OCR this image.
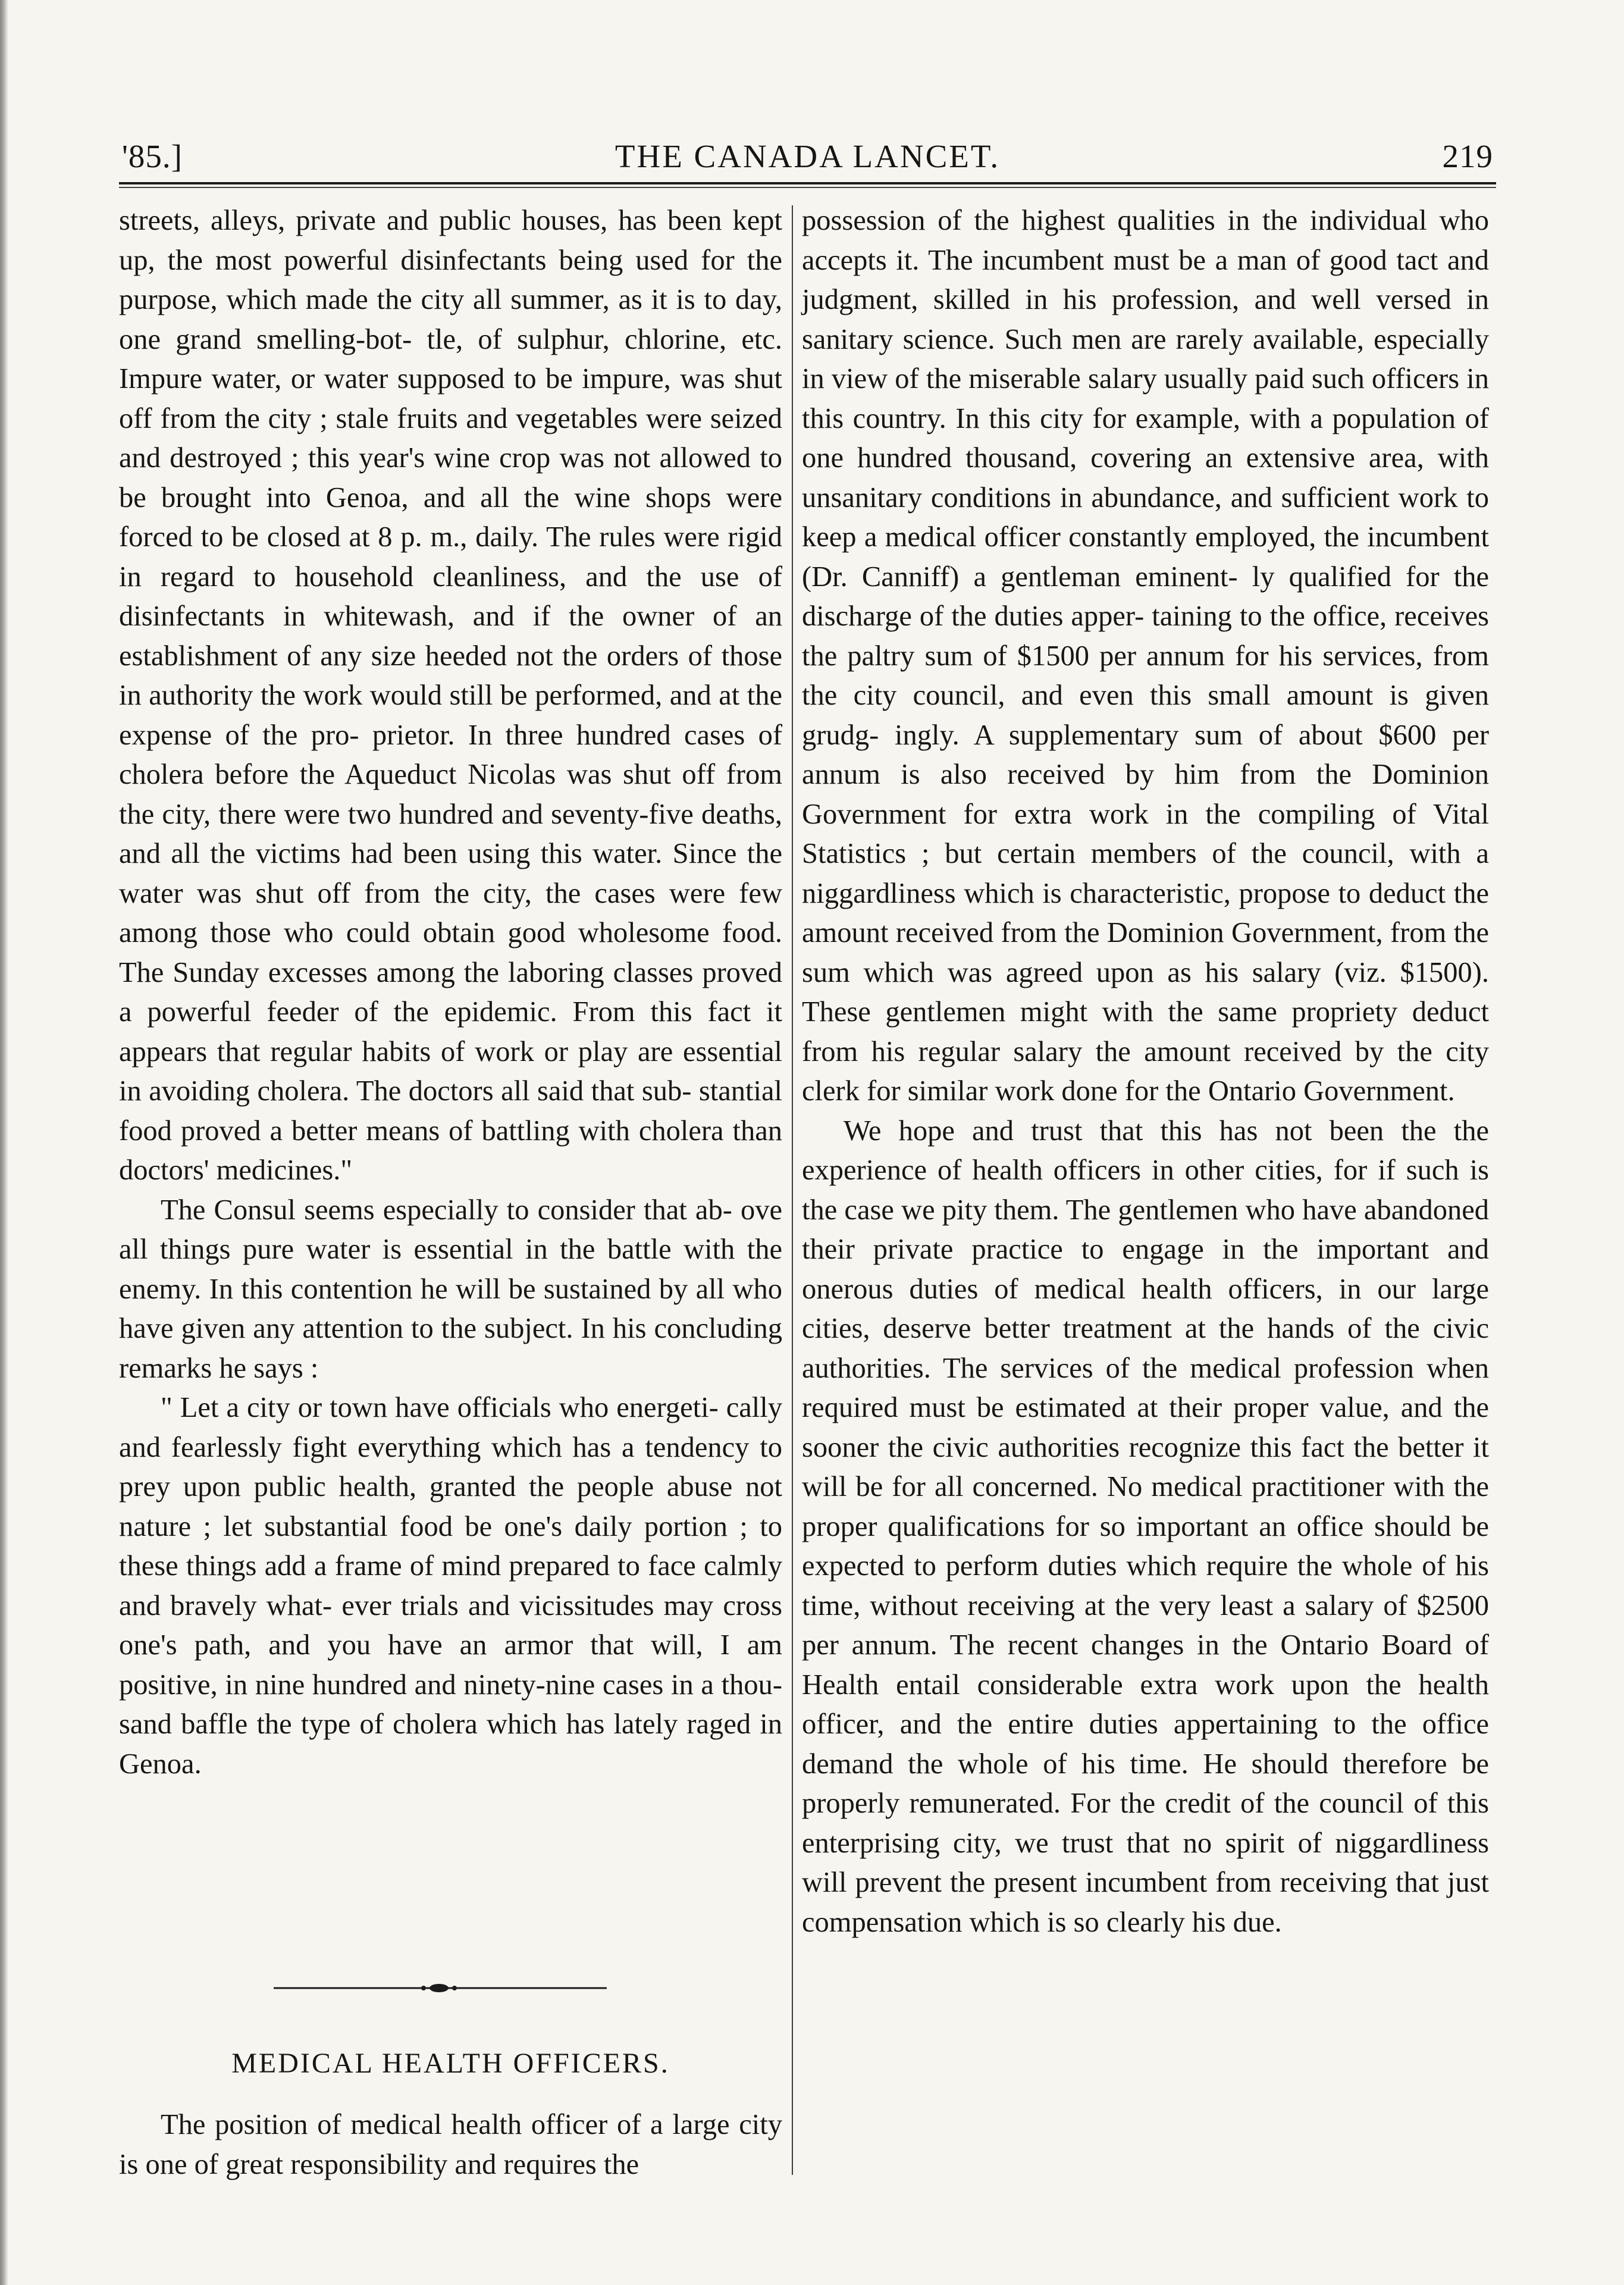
'85.]	THE CANADA LANCET.	219

streets, alleys, private and public houses, has been kept up, the most powerful disinfectants being used for the purpose, which made the city all summer, as it is to day, one grand smelling-bot- tle, of sulphur, chlorine, etc. Impure water, or water supposed to be impure, was shut off from the city ; stale fruits and vegetables were seized and destroyed ; this year's wine crop was not allowed to be brought into Genoa, and all the wine shops were forced to be closed at 8 p. m., daily. The rules were rigid in regard to household cleanliness, and the use of disinfectants in whitewash, and if the owner of an establishment of any size heeded not the orders of those in authority the work would still be performed, and at the expense of the pro- prietor. In three hundred cases of cholera before the Aqueduct Nicolas was shut off from the city, there were two hundred and seventy-five deaths, and all the victims had been using this water. Since the water was shut off from the city, the cases were few among those who could obtain good wholesome food. The Sunday excesses among the laboring classes proved a powerful feeder of the epidemic. From this fact it appears that regular habits of work or play are essential in avoiding cholera. The doctors all said that sub- stantial food proved a better means of battling with cholera than doctors' medicines."

The Consul seems especially to consider that ab- ove all things pure water is essential in the battle with the enemy. In this contention he will be sustained by all who have given any attention to the subject. In his concluding remarks he says :

" Let a city or town have officials who energeti- cally and fearlessly fight everything which has a tendency to prey upon public health, granted the people abuse not nature ; let substantial food be one's daily portion ; to these things add a frame of mind prepared to face calmly and bravely what- ever trials and vicissitudes may cross one's path, and you have an armor that will, I am positive, in nine hundred and ninety-nine cases in a thou- sand baffle the type of cholera which has lately raged in Genoa.

MEDICAL HEALTH OFFICERS.

The position of medical health officer of a large city is one of great responsibility and requires the

possession of the highest qualities in the individual who accepts it. The incumbent must be a man of good tact and judgment, skilled in his profession, and well versed in sanitary science. Such men are rarely available, especially in view of the miserable salary usually paid such officers in this country. In this city for example, with a population of one hundred thousand, covering an extensive area, with unsanitary conditions in abundance, and sufficient work to keep a medical officer constantly employed, the incumbent (Dr. Canniff) a gentleman eminent- ly qualified for the discharge of the duties apper- taining to the office, receives the paltry sum of $1500 per annum for his services, from the city council, and even this small amount is given grudg- ingly. A supplementary sum of about $600 per annum is also received by him from the Dominion Government for extra work in the compiling of Vital Statistics ; but certain members of the council, with a niggardliness which is characteristic, propose to deduct the amount received from the Dominion Government, from the sum which was agreed upon as his salary (viz. $1500). These gentlemen might with the same propriety deduct from his regular salary the amount received by the city clerk for similar work done for the Ontario Government.

We hope and trust that this has not been the the experience of health officers in other cities, for if such is the case we pity them. The gentlemen who have abandoned their private practice to engage in the important and onerous duties of medical health officers, in our large cities, deserve better treatment at the hands of the civic authorities. The services of the medical profession when required must be estimated at their proper value, and the sooner the civic authorities recognize this fact the better it will be for all concerned. No medical practitioner with the proper qualifications for so important an office should be expected to perform duties which require the whole of his time, without receiving at the very least a salary of $2500 per annum. The recent changes in the Ontario Board of Health entail considerable extra work upon the health officer, and the entire duties appertaining to the office demand the whole of his time. He should therefore be properly remunerated. For the credit of the council of this enterprising city, we trust that no spirit of niggardliness will prevent the present incumbent from receiving that just compensation which is so clearly his due.
